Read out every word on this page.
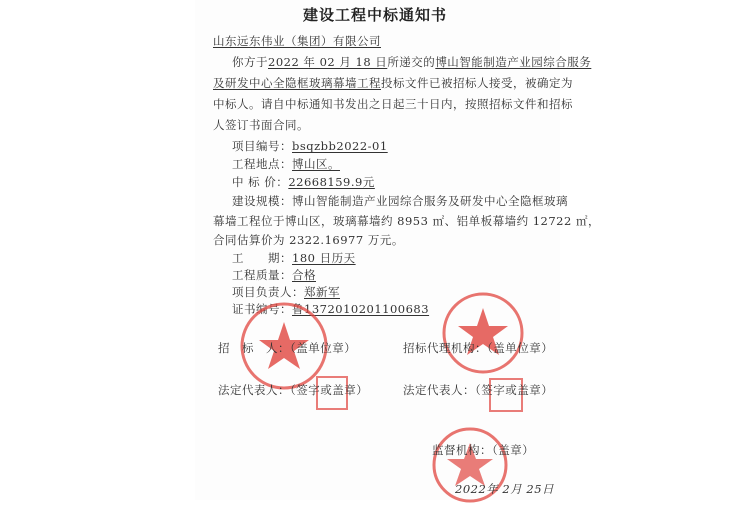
建设工程中标通知书
山东远东伟业（集团）有限公司
你方于2022 年 02 月 18 日所递交的博山智能制造产业园综合服务
及研发中心全隐框玻璃幕墙工程投标文件已被招标人接受，被确定为
中标人。请自中标通知书发出之日起三十日内，按照招标文件和招标
人签订书面合同。
项目编号：bsqzbb2022-01
工程地点：博山区。
中 标 价：22668159.9元
建设规模：博山智能制造产业园综合服务及研发中心全隐框玻璃
幕墙工程位于博山区，玻璃幕墙约 8953 ㎡、铝单板幕墙约 12722 ㎡，
合同估算价为 2322.16977 万元。
工　　期：180 日历天
工程质量：合格
项目负责人：郑新军
证书编号：鲁1372010201100683
招　标　人：（盖单位章）	招标代理机构：（盖单位章）
法定代表人：（签字或盖章）	法定代表人：（签字或盖章）
监督机构：（盖章）
2022年 2月 25日
